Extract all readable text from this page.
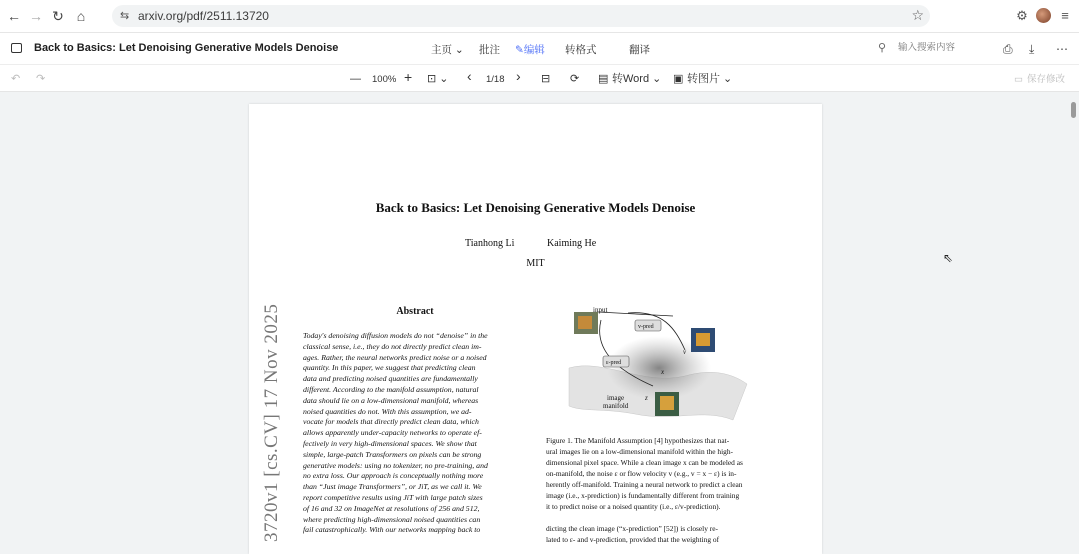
← → ↻ ⌂	⇆ arxiv.org/pdf/2511.13720	☆	⚙	≡
Back to Basics: Let Denoising Generative Models Denoise	主页 ⌄ 批注 ✎编辑 转格式	翻译	⚲
输入搜索内容	⎙ ⤓ ⋯
↶ ↷	— 100% + ⊡ ⌄ ‹ 1/18 › ⊟ ⟳ ▤ 转Word ⌄ ▣ 转图片 ⌄	▭ 保存修改
⇖
Back to Basics: Let Denoising Generative Models Denoise
Tianhong Li	Kaiming He
MIT
3720v1 [cs.CV] 17 Nov 2025	Abstract
Today's denoising diffusion models do not “denoise” in the
classical sense, i.e., they do not directly predict clean im-
ages. Rather, the neural networks predict noise or a noised
quantity. In this paper, we suggest that predicting clean
data and predicting noised quantities are fundamentally
different. According to the manifold assumption, natural
data should lie on a low-dimensional manifold, whereas
noised quantities do not. With this assumption, we ad-
vocate for models that directly predict clean data, which
allows apparently under-capacity networks to operate ef-
fectively in very high-dimensional spaces. We show that
simple, large-patch Transformers on pixels can be strong
generative models: using no tokenizer, no pre-training, and
no extra loss. Our approach is conceptually nothing more
than “Just image Transformers”, or JiT, as we call it. We
report competitive results using JiT with large patch sizes
of 16 and 32 on ImageNet at resolutions of 256 and 512,
where predicting high-dimensional noised quantities can
fail catastrophically. With our networks mapping back to
input
v-pred
ε-pred
v
x
z
image manifold
Figure 1. The Manifold Assumption [4] hypothesizes that nat-
ural images lie on a low-dimensional manifold within the high-
dimensional pixel space. While a clean image x can be modeled as
on-manifold, the noise ε or flow velocity v (e.g., v = x − ε) is in-
herently off-manifold. Training a neural network to predict a clean
image (i.e., x-prediction) is fundamentally different from training
it to predict noise or a noised quantity (i.e., ε/v-prediction).
dicting the clean image (“x-prediction” [52]) is closely re-
lated to ε- and v-prediction, provided that the weighting of
